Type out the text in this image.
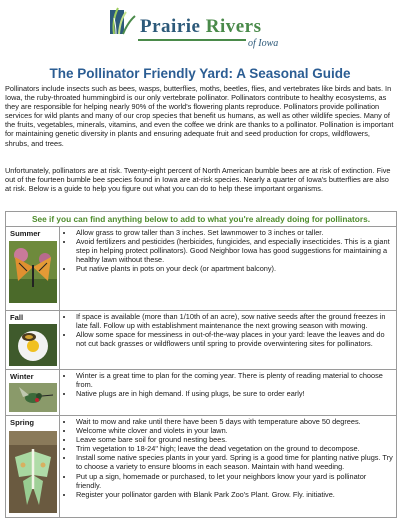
Prairie Rivers
of Iowa
The Pollinator Friendly Yard: A Seasonal Guide

Pollinators include insects such as bees, wasps, butterflies, moths, beetles, flies, and vertebrates like birds and bats. In Iowa, the ruby-throated hummingbird is our only vertebrate pollinator. Pollinators contribute to healthy ecosystems, as they are responsible for helping nearly 90% of the world's flowering plants reproduce. Pollinators provide pollination services for wild plants and many of our crop species that benefit us humans, as well as other wildlife species. Many of the fruits, vegetables, minerals, vitamins, and even the coffee we drink are thanks to a pollinator. Pollination is important for maintaining genetic diversity in plants and ensuring adequate fruit and seed production for crops, wildflowers, shrubs, and trees.

Unfortunately, pollinators are at risk. Twenty-eight percent of North American bumble bees are at risk of extinction. Five out of the fourteen bumble bee species found in Iowa are at-risk species. Nearly a quarter of Iowa's butterflies are also at risk. Below is a guide to help you figure out what you can do to help these important organisms.

See if you can find anything below to add to what you're already doing for pollinators.
Summer	• Allow grass to grow taller than 3 inches. Set lawnmower to 3 inches or taller.
• Avoid fertilizers and pesticides (herbicides, fungicides, and especially insecticides. This is a giant step in helping protect pollinators). Good Neighbor Iowa has good suggestions for maintaining a healthy lawn without these.
• Put native plants in pots on your deck (or apartment balcony).
Fall	• If space is available (more than 1/10th of an acre), sow native seeds after the ground freezes in late fall. Follow up with establishment maintenance the next growing season with mowing.
• Allow some space for messiness in out-of-the-way places in your yard: leave the leaves and do not cut back grasses or wildflowers until spring to provide overwintering sites for pollinators.
Winter	• Winter is a great time to plan for the coming year. There is plenty of reading material to choose from.
• Native plugs are in high demand. If using plugs, be sure to order early!
Spring	• Wait to mow and rake until there have been 5 days with temperature above 50 degrees.
• Welcome white clover and violets in your lawn.
• Leave some bare soil for ground nesting bees.
• Trim vegetation to 18-24" high; leave the dead vegetation on the ground to decompose.
• Install some native species plants in your yard. Spring is a good time for planting native plugs. Try to choose a variety to ensure blooms in each season. Maintain with hand weeding.
• Put up a sign, homemade or purchased, to let your neighbors know your yard is pollinator friendly.
• Register your pollinator garden with Blank Park Zoo's Plant. Grow. Fly. initiative.
